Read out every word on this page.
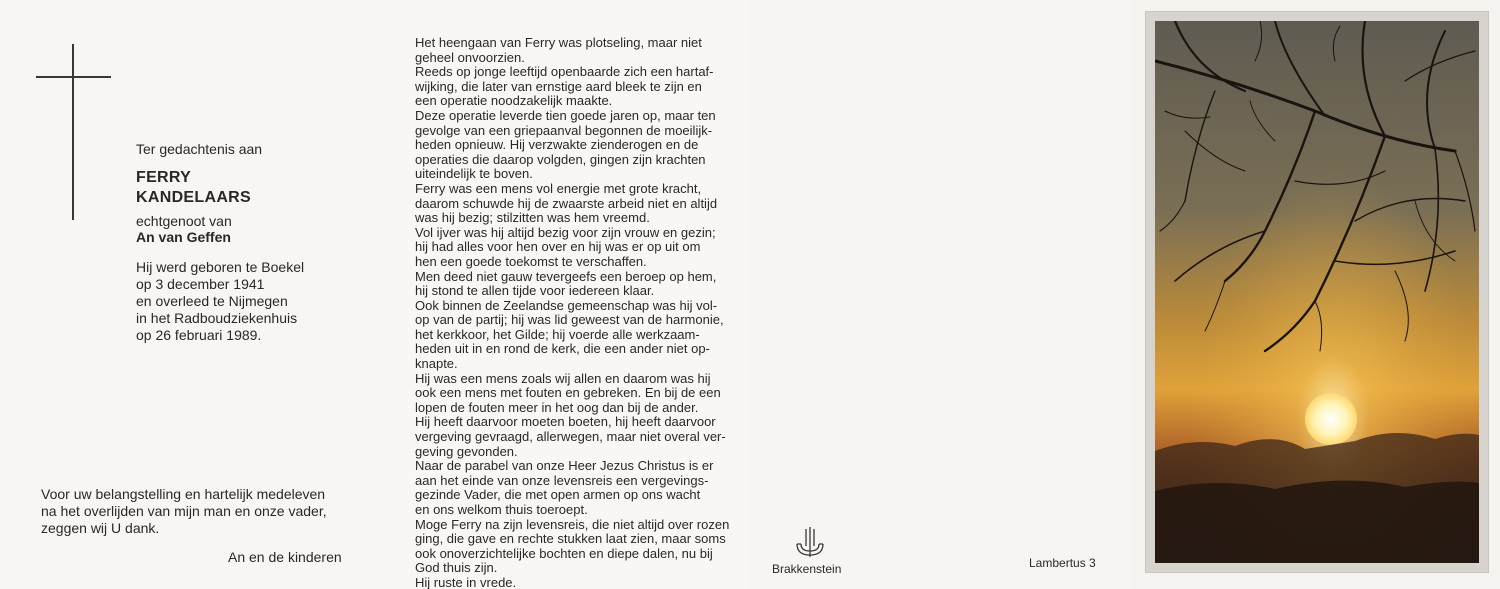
Ter gedachtenis aan
FERRY
KANDELAARS
echtgenoot van
An van Geffen
Hij werd geboren te Boekel
op 3 december 1941
en overleed te Nijmegen
in het Radboudziekenhuis
op 26 februari 1989.
Voor uw belangstelling en hartelijk medeleven
na het overlijden van mijn man en onze vader,
zeggen wij U dank.
An en de kinderen
Het heengaan van Ferry was plotseling, maar niet
geheel onvoorzien.
Reeds op jonge leeftijd openbaarde zich een hartaf-
wijking, die later van ernstige aard bleek te zijn en
een operatie noodzakelijk maakte.
Deze operatie leverde tien goede jaren op, maar ten
gevolge van een griepaanval begonnen de moeilijk-
heden opnieuw. Hij verzwakte zienderogen en de
operaties die daarop volgden, gingen zijn krachten
uiteindelijk te boven.
Ferry was een mens vol energie met grote kracht,
daarom schuwde hij de zwaarste arbeid niet en altijd
was hij bezig; stilzitten was hem vreemd.
Vol ijver was hij altijd bezig voor zijn vrouw en gezin;
hij had alles voor hen over en hij was er op uit om
hen een goede toekomst te verschaffen.
Men deed niet gauw tevergeefs een beroep op hem,
hij stond te allen tijde voor iedereen klaar.
Ook binnen de Zeelandse gemeenschap was hij vol-
op van de partij; hij was lid geweest van de harmonie,
het kerkkoor, het Gilde; hij voerde alle werkzaam-
heden uit in en rond de kerk, die een ander niet op-
knapte.
Hij was een mens zoals wij allen en daarom was hij
ook een mens met fouten en gebreken. En bij de een
lopen de fouten meer in het oog dan bij de ander.
Hij heeft daarvoor moeten boeten, hij heeft daarvoor
vergeving gevraagd, allerwegen, maar niet overal ver-
geving gevonden.
Naar de parabel van onze Heer Jezus Christus is er
aan het einde van onze levensreis een vergevings-
gezinde Vader, die met open armen op ons wacht
en ons welkom thuis toeroept.
Moge Ferry na zijn levensreis, die niet altijd over rozen
ging, die gave en rechte stukken laat zien, maar soms
ook onoverzichtelijke bochten en diepe dalen, nu bij
God thuis zijn.
Hij ruste in vrede.
Brakkenstein	Lambertus 3
